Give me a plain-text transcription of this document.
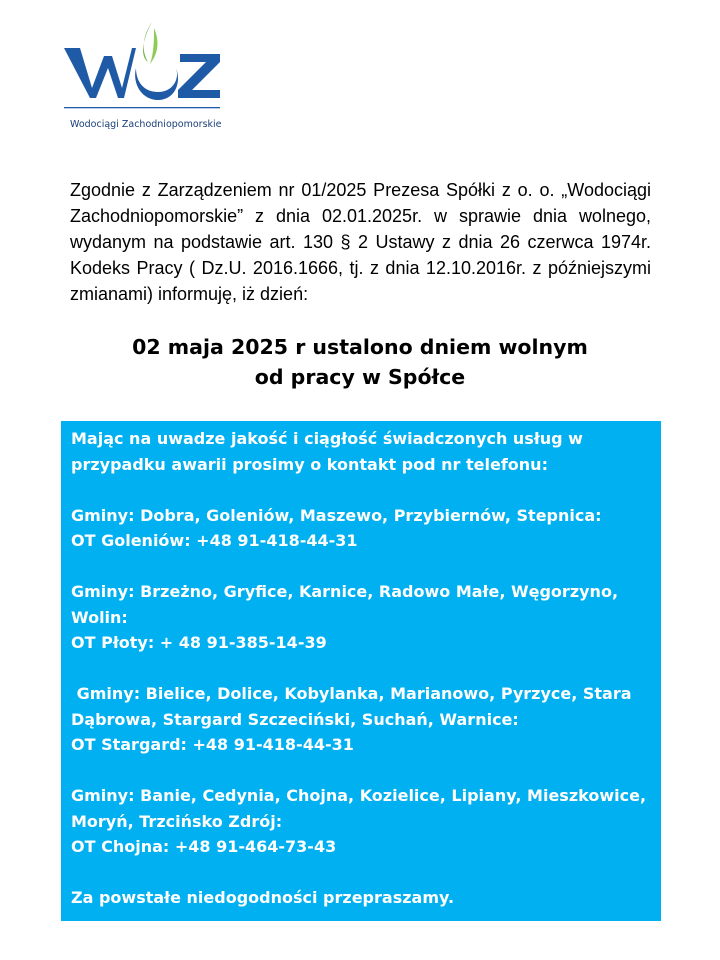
Wodociągi Zachodniopomorskie

Zgodnie z Zarządzeniem nr 01/2025 Prezesa Spółki z o. o. „Wodociągi Zachodniopomorskie” z dnia 02.01.2025r. w sprawie dnia wolnego, wydanym na podstawie art. 130 § 2 Ustawy z dnia 26 czerwca 1974r. Kodeks Pracy ( Dz.U. 2016.1666, tj. z dnia 12.10.2016r. z późniejszymi zmianami) informuję, iż dzień:

02 maja 2025 r ustalono dniem wolnym
od pracy w Spółce

Mając na uwadze jakość i ciągłość świadczonych usług w przypadku awarii prosimy o kontakt pod nr telefonu:

Gminy: Dobra, Goleniów, Maszewo, Przybiernów, Stepnica:

OT Goleniów: +48 91-418-44-31

Gminy: Brzeżno, Gryfice, Karnice, Radowo Małe, Węgorzyno, Wolin:

OT Płoty: + 48 91-385-14-39

Gminy: Bielice, Dolice, Kobylanka, Marianowo, Pyrzyce, Stara Dąbrowa, Stargard Szczeciński, Suchań, Warnice:

OT Stargard: +48 91-418-44-31

Gminy: Banie, Cedynia, Chojna, Kozielice, Lipiany, Mieszkowice, Moryń, Trzcińsko Zdrój:

OT Chojna: +48 91-464-73-43

Za powstałe niedogodności przepraszamy.
